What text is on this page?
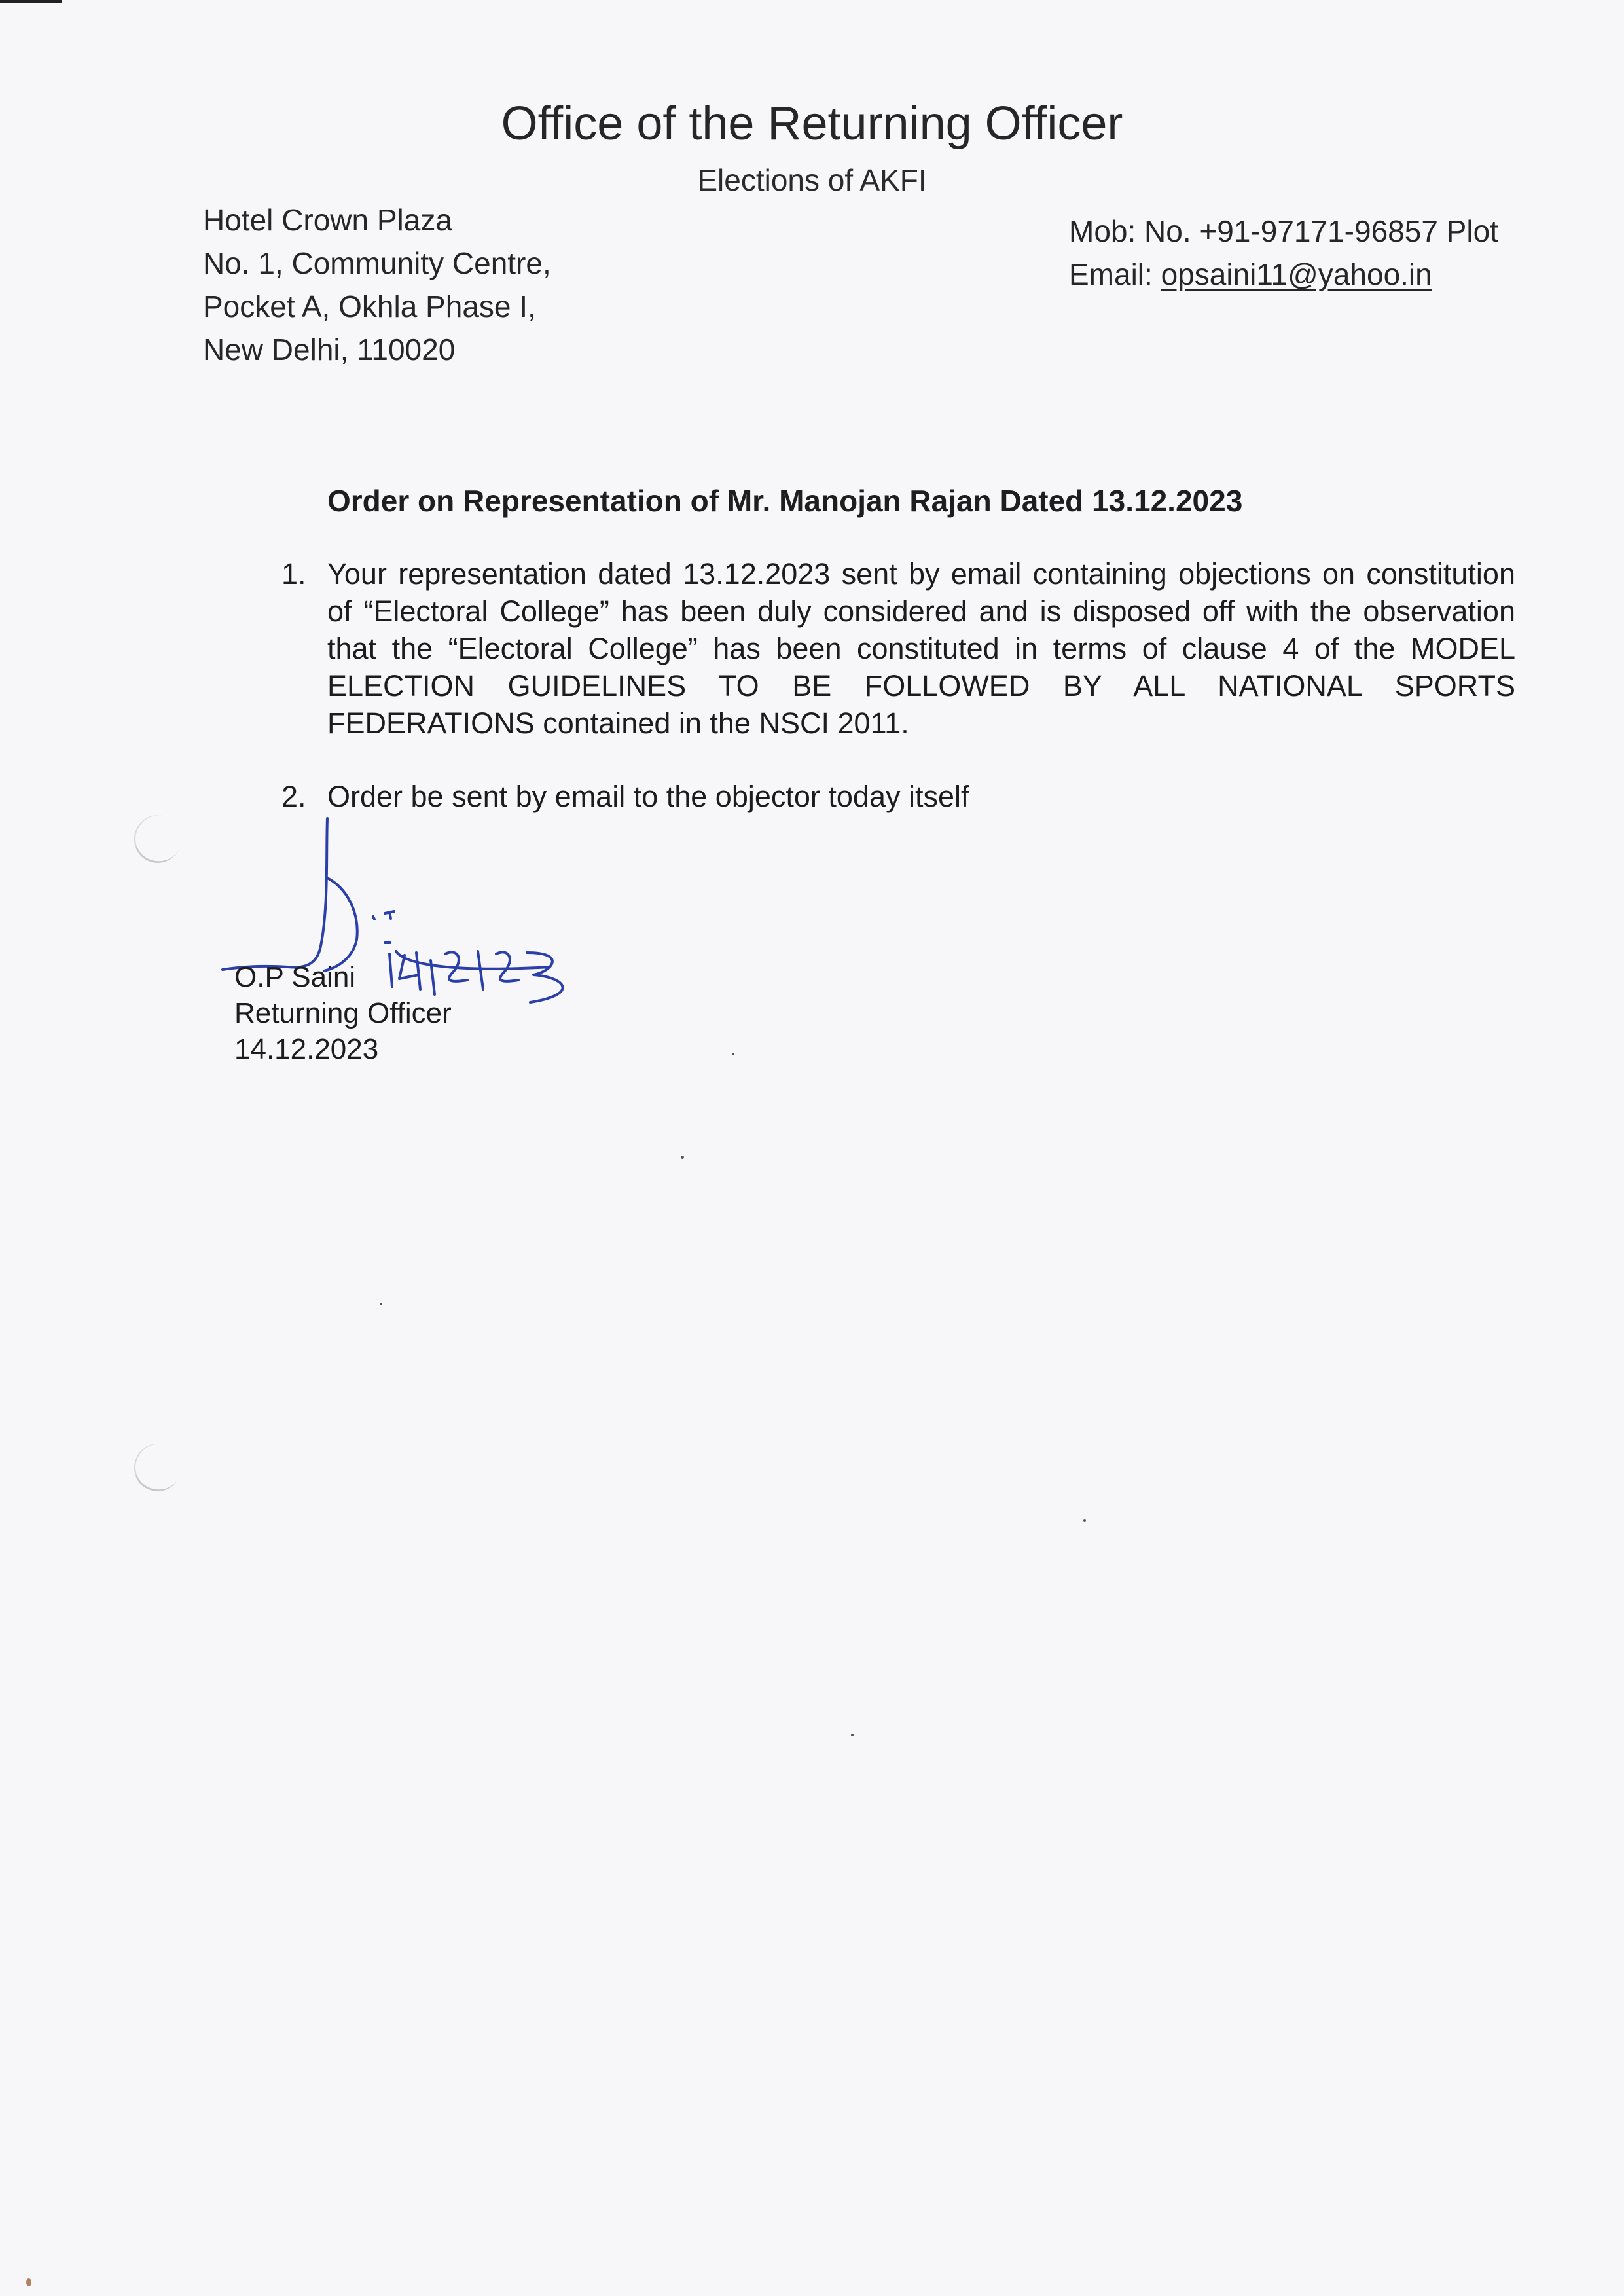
Office of the Returning Officer
Elections of AKFI
Hotel Crown Plaza
No. 1, Community Centre,
Pocket A, Okhla Phase I,
New Delhi, 110020
Mob: No. +91-97171-96857 Plot
Email: opsaini11@yahoo.in
Order on Representation of Mr. Manojan Rajan Dated 13.12.2023
1. Your representation dated 13.12.2023 sent by email containing objections on constitution of “Electoral College” has been duly considered and is disposed off with the observation that the “Electoral College” has been constituted in terms of clause 4 of the MODEL ELECTION GUIDELINES TO BE FOLLOWED BY ALL NATIONAL SPORTS FEDERATIONS contained in the NSCI 2011.
2. Order be sent by email to the objector today itself
O.P Saini
Returning Officer
14.12.2023
